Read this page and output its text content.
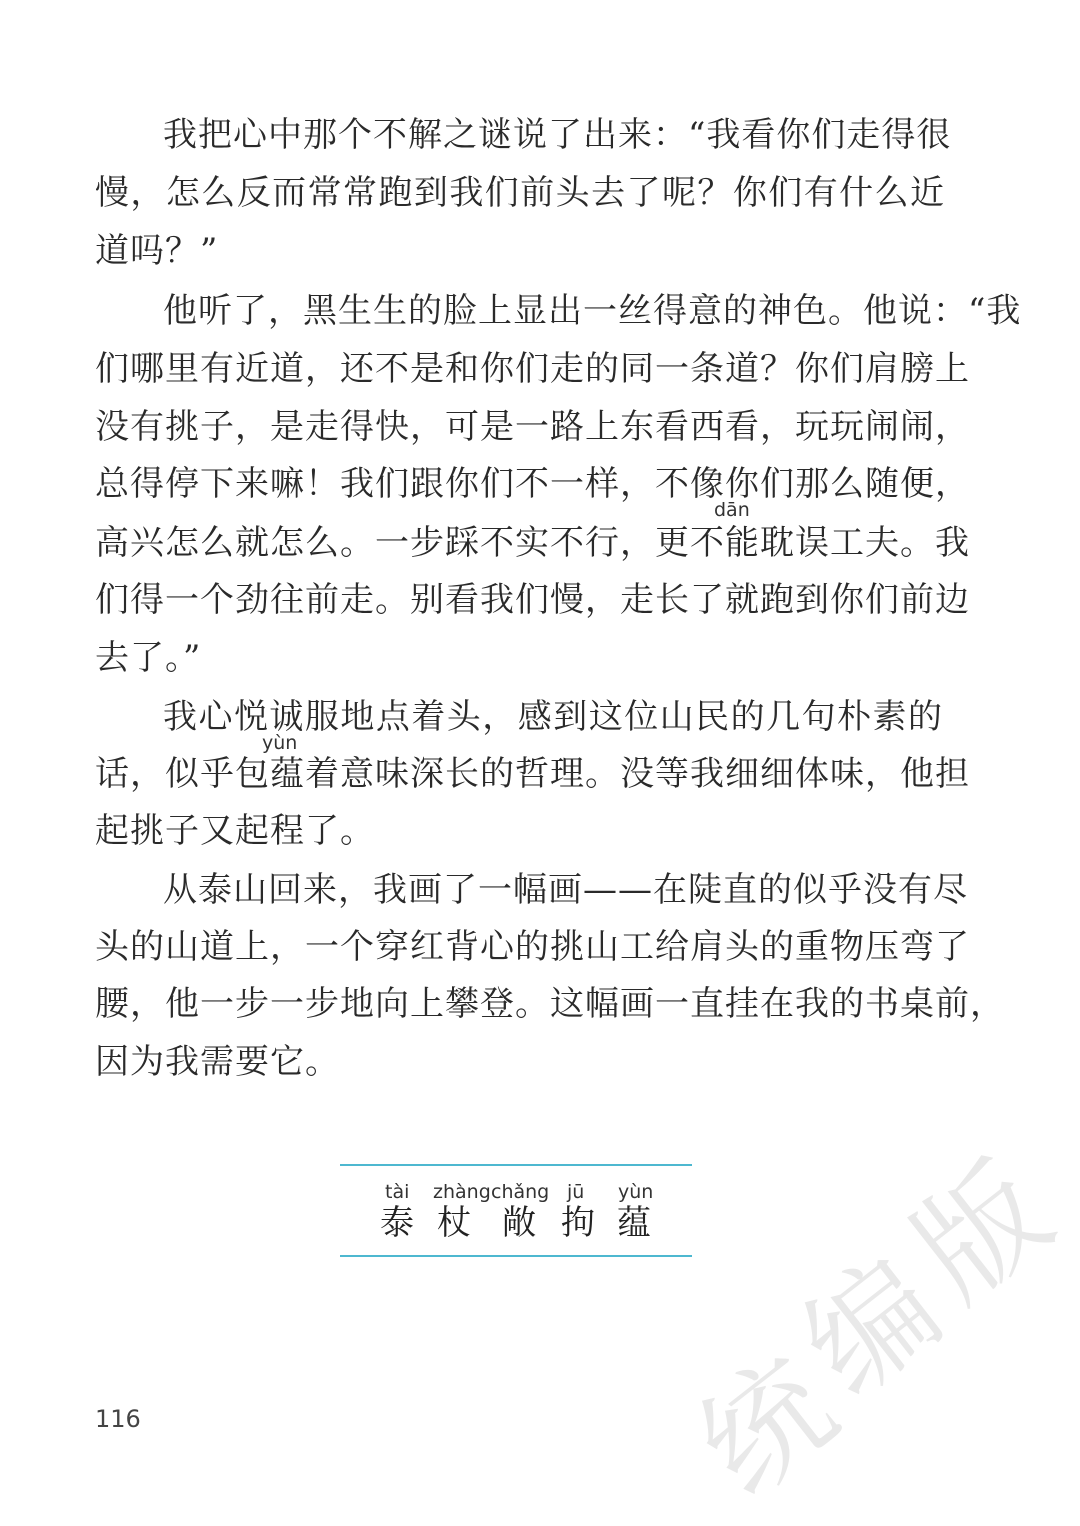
我把心中那个不解之谜说了出来：“我看你们走得很
慢，怎么反而常常跑到我们前头去了呢？你们有什么近
道吗？”
他听了，黑生生的脸上显出一丝得意的神色。他说：“我
们哪里有近道，还不是和你们走的同一条道？你们肩膀上
没有挑子，是走得快，可是一路上东看西看，玩玩闹闹，
总得停下来嘛！我们跟你们不一样，不像你们那么随便，
dān
高兴怎么就怎么。一步踩不实不行，更不能耽误工夫。我
们得一个劲往前走。别看我们慢，走长了就跑到你们前边
去了。”
我心悦诚服地点着头，感到这位山民的几句朴素的
yùn
话，似乎包蕴着意味深长的哲理。没等我细细体味，他担
起挑子又起程了。
从泰山回来，我画了一幅画——在陡直的似乎没有尽
头的山道上，一个穿红背心的挑山工给肩头的重物压弯了
腰，他一步一步地向上攀登。这幅画一直挂在我的书桌前，
因为我需要它。
tài zhàng chǎng jū yùn
泰 杖 敞 拘 蕴
116
版
编
统
